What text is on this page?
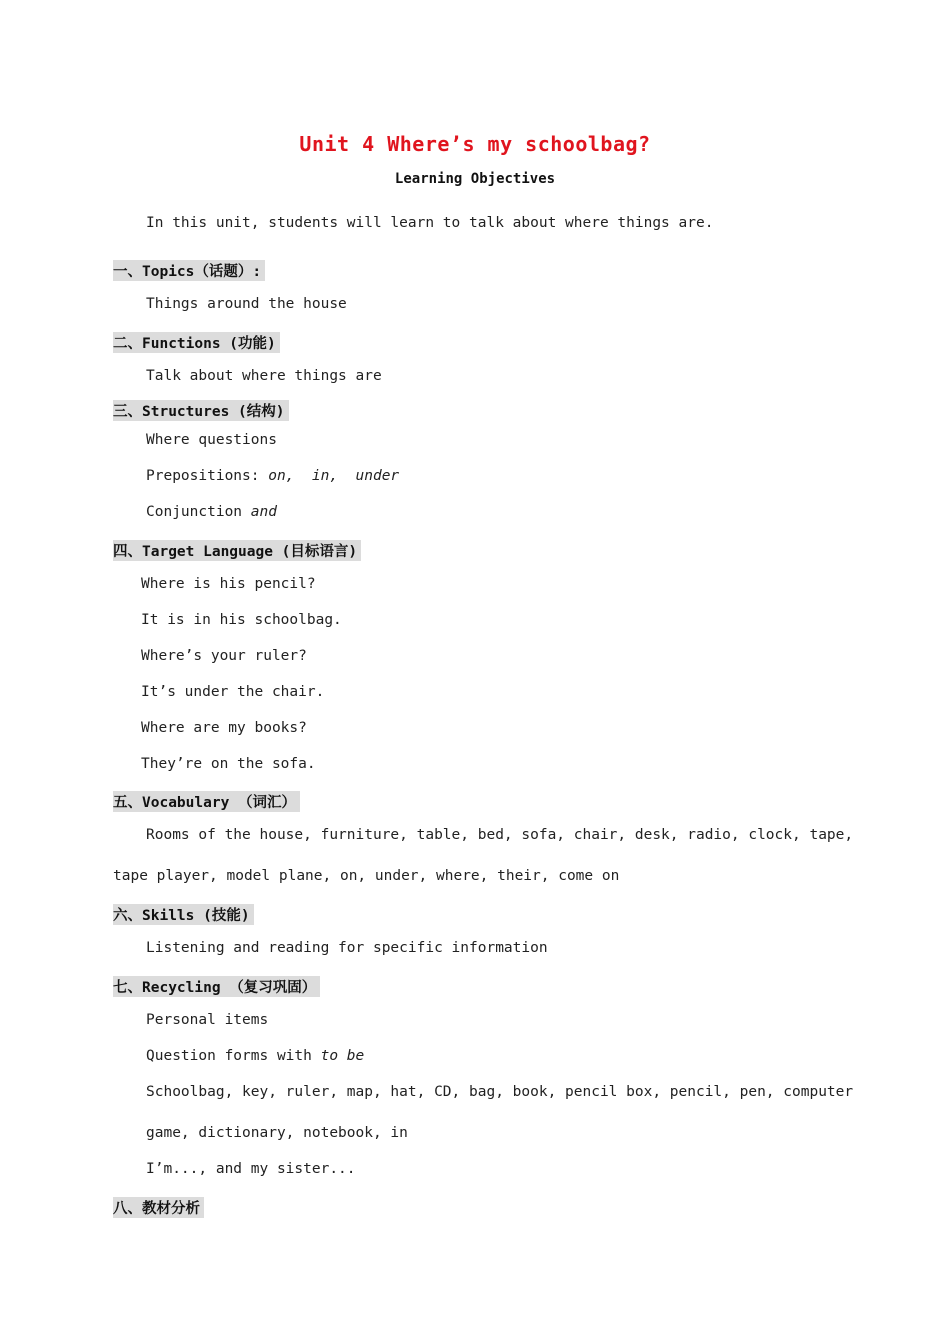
Unit 4 Where’s my schoolbag?
Learning Objectives
In this unit, students will learn to talk about where things are.
一、Topics（话题）:
Things around the house
二、Functions (功能)
Talk about where things are
三、Structures (结构)
Where questions
Prepositions: on,  in,  under
Conjunction and
四、Target Language (目标语言)
Where is his pencil?
It is in his schoolbag.
Where’s your ruler?
It’s under the chair.
Where are my books?
They’re on the sofa.
五、Vocabulary （词汇）
Rooms of the house, furniture, table, bed, sofa, chair, desk, radio, clock, tape,
tape player, model plane, on, under, where, their, come on
六、Skills (技能)
Listening and reading for specific information
七、Recycling （复习巩固）
Personal items
Question forms with to be
Schoolbag, key, ruler, map, hat, CD, bag, book, pencil box, pencil, pen, computer
game, dictionary, notebook, in
I’m..., and my sister...
八、教材分析
